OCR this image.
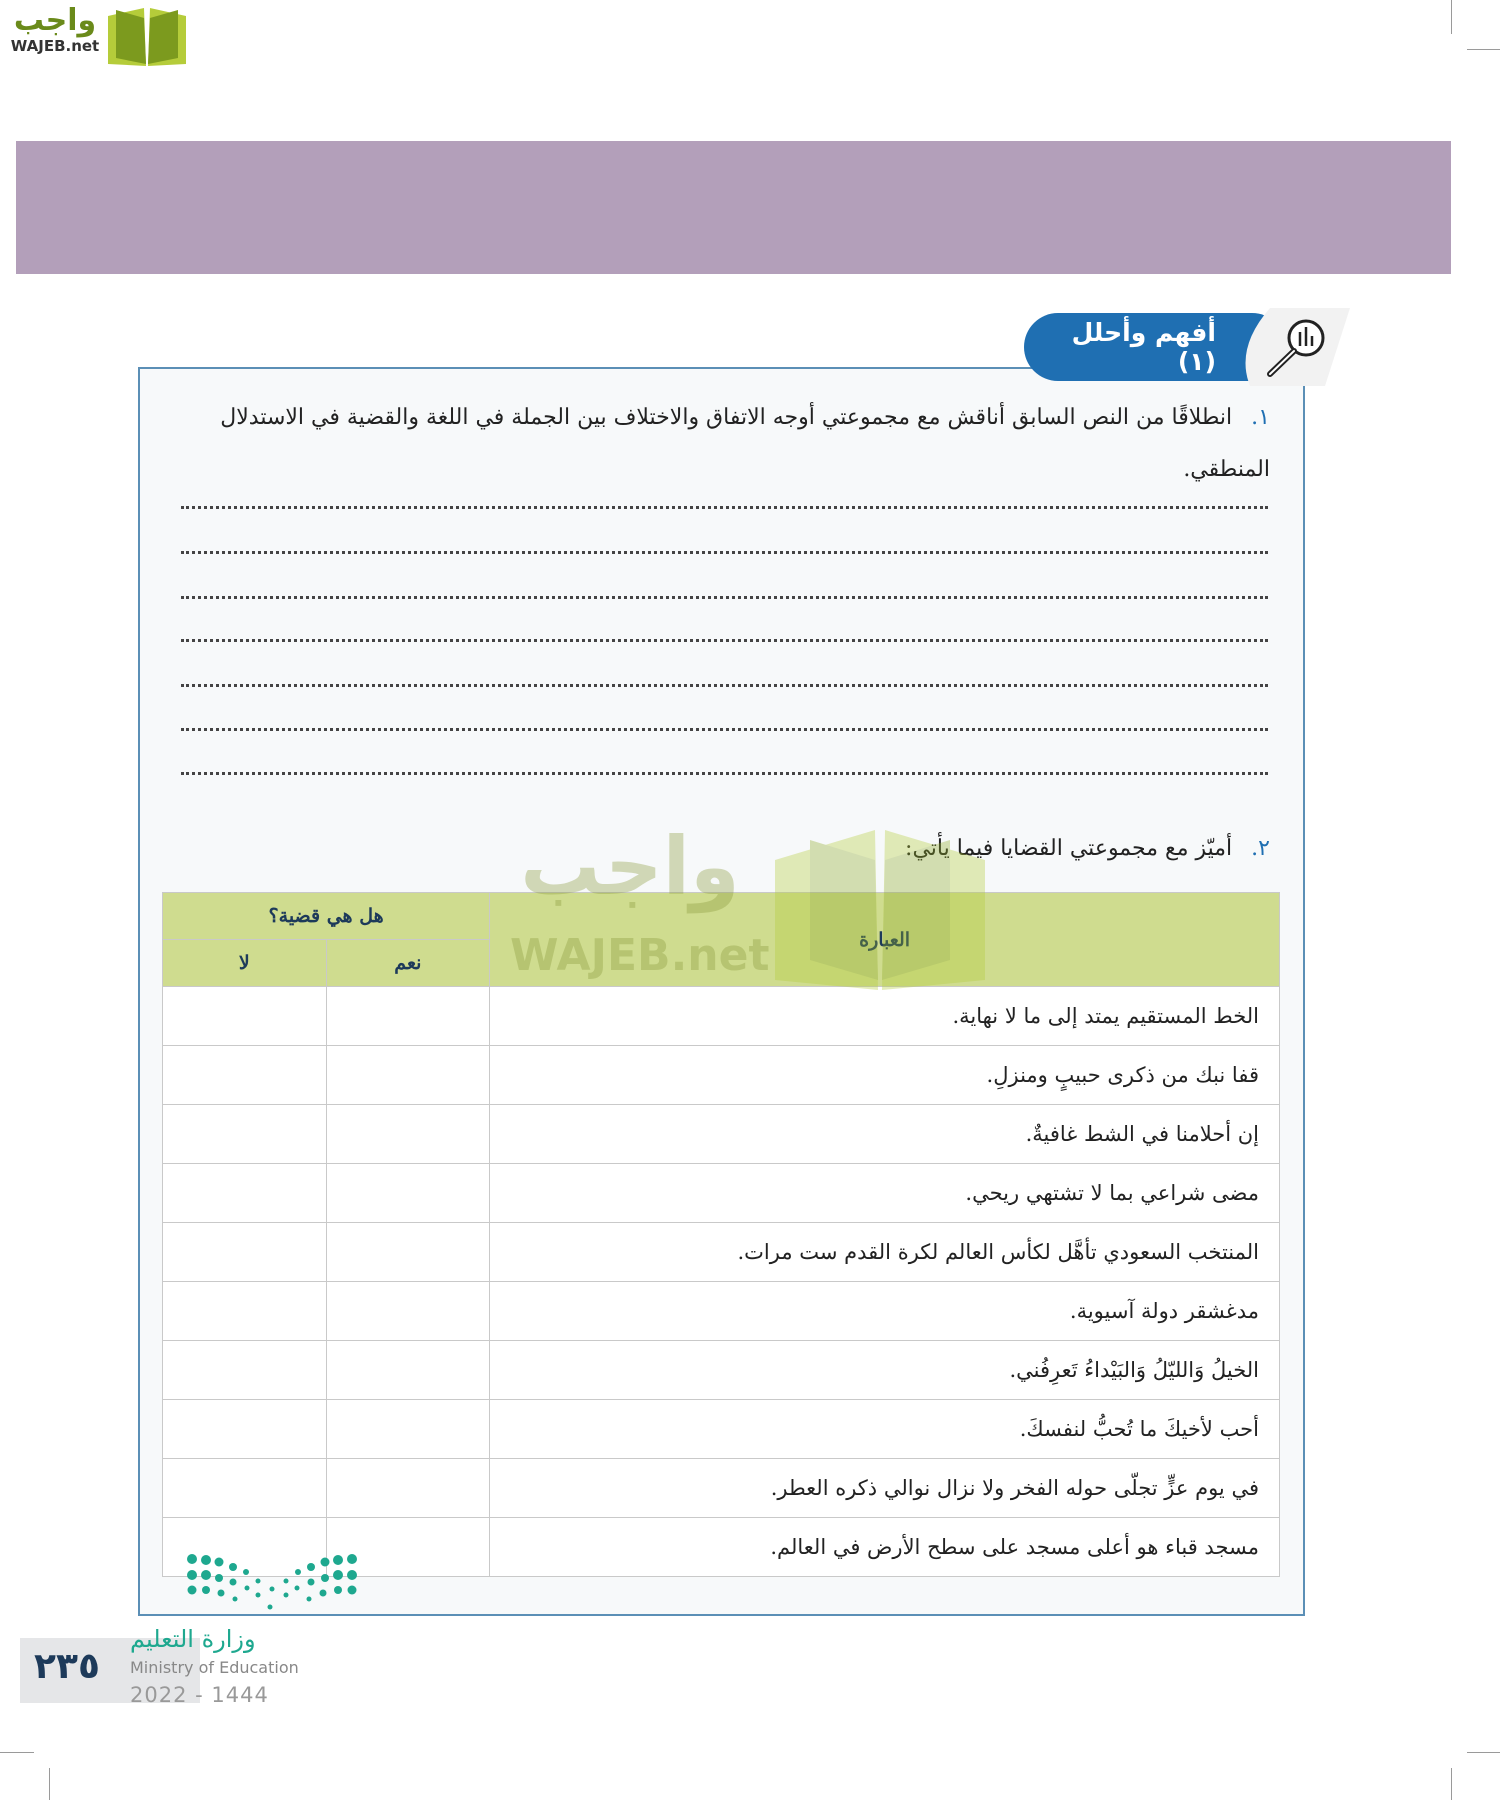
واجب
WAJEB.net
أفهم وأحلل (١)
١. انطلاقًا من النص السابق أناقش مع مجموعتي أوجه الاتفاق والاختلاف بين الجملة في اللغة والقضية في الاستدلال المنطقي.
٢. أميّز مع مجموعتي القضايا فيما يأتي:
العبارة	هل هي قضية؟	
	نعم	لا
الخط المستقيم يمتد إلى ما لا نهاية.		
قفا نبك من ذكرى حبيبٍ ومنزلِ.		
إن أحلامنا في الشط غافيةٌ.		
مضى شراعي بما لا تشتهي ريحي.		
المنتخب السعودي تأهَّل لكأس العالم لكرة القدم ست مرات.		
مدغشقر دولة آسيوية.		
الخيلُ وَالليّلُ وَالبَيْداءُ تَعرِفُني.		
أحب لأخيكَ ما تُحبُّ لنفسكَ.		
في يوم عزٍّ تجلّى حوله الفخر ولا نزال نوالي ذكره العطر.		
مسجد قباء هو أعلى مسجد على سطح الأرض في العالم.		
واجب
WAJEB.net
٢٣٥
وزارة التعليم
Ministry of Education
2022 - 1444
